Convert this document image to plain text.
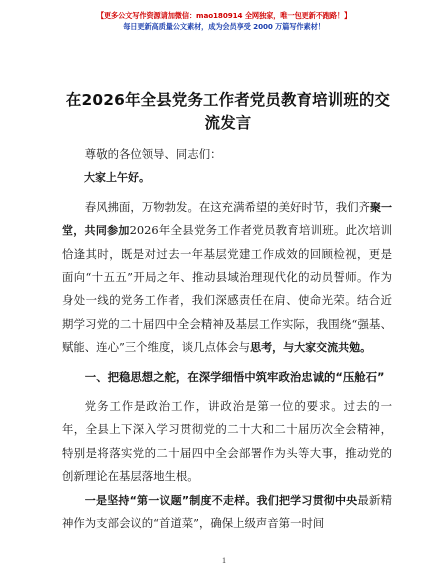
【更多公文写作资源请加微信：mao180914 全网独家，唯一包更新不跑路！】
每日更新高质量公文素材，成为会员享受 2000 万篇写作素材！
在2026年全县党务工作者党员教育培训班的交流发言

尊敬的各位领导、同志们：

大家上午好。

春风拂面，万物勃发。在这充满希望的美好时节，我们齐聚一堂，共同参加2026年全县党务工作者党员教育培训班。此次培训恰逢其时，既是对过去一年基层党建工作成效的回顾检视，更是面向“十五五”开局之年、推动县域治理现代化的动员誓师。作为身处一线的党务工作者，我们深感责任在肩、使命光荣。结合近期学习党的二十届四中全会精神及基层工作实际，我围绕“强基、赋能、连心”三个维度，谈几点体会与思考，与大家交流共勉。

一、把稳思想之舵，在深学细悟中筑牢政治忠诚的“压舱石”

党务工作是政治工作，讲政治是第一位的要求。过去的一年，全县上下深入学习贯彻党的二十大和二十届历次全会精神，特别是将落实党的二十届四中全会部署作为头等大事，推动党的创新理论在基层落地生根。

一是坚持“第一议题”制度不走样。我们把学习贯彻中央最新精神作为支部会议的“首道菜”，确保上级声音第一时间

1
